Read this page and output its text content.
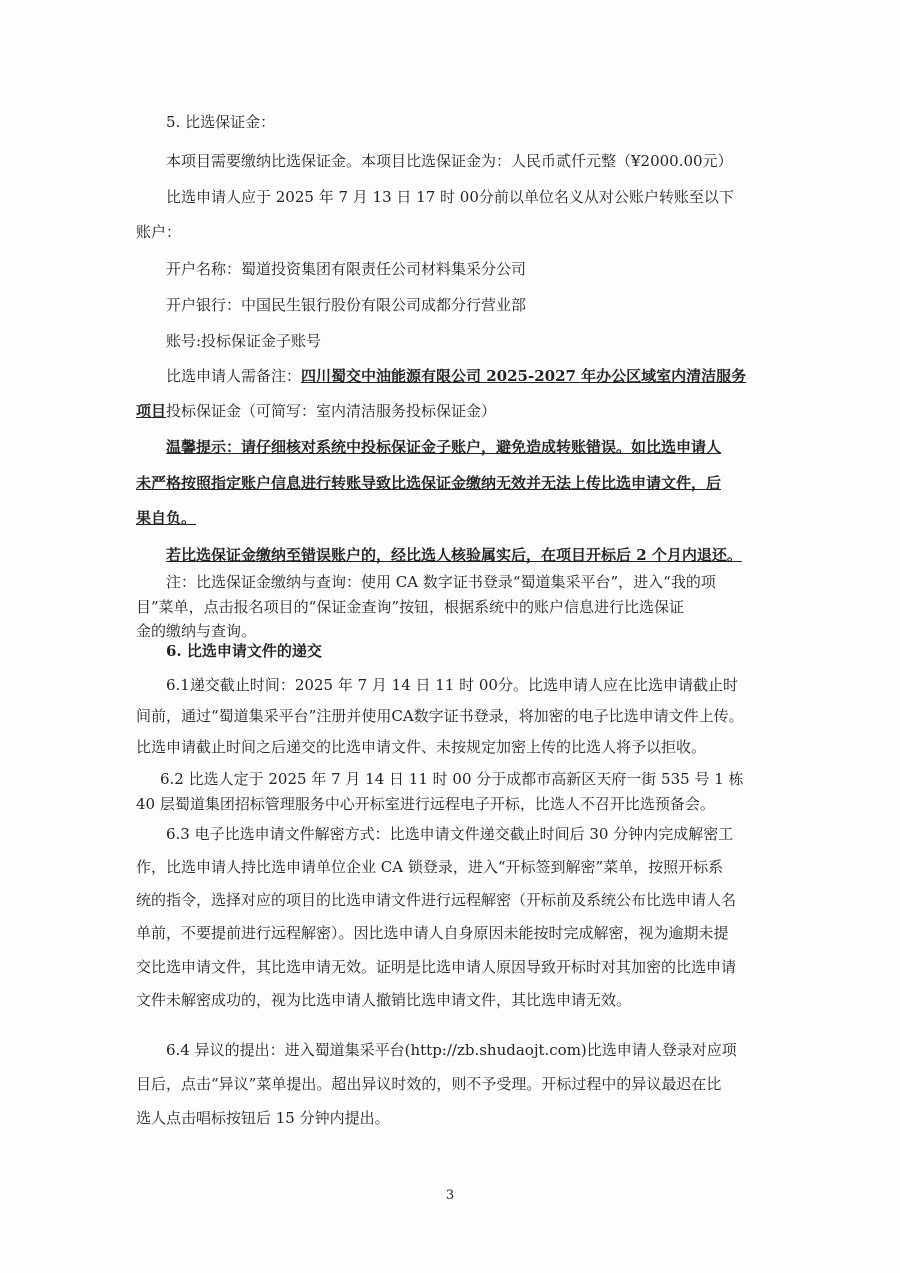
5. 比选保证金：
本项目需要缴纳比选保证金。本项目比选保证金为：人民币贰仟元整（¥2000.00元）
比选申请人应于 2025 年 7 月 13 日 17 时 00分前以单位名义从对公账户转账至以下
账户：
开户名称：蜀道投资集团有限责任公司材料集采分公司
开户银行：中国民生银行股份有限公司成都分行营业部
账号:投标保证金子账号
比选申请人需备注：四川蜀交中油能源有限公司 2025-2027 年办公区域室内清洁服务
项目投标保证金（可简写：室内清洁服务投标保证金）
温馨提示：请仔细核对系统中投标保证金子账户，避免造成转账错误。如比选申请人
未严格按照指定账户信息进行转账导致比选保证金缴纳无效并无法上传比选申请文件，后
果自负。
若比选保证金缴纳至错误账户的，经比选人核验属实后，在项目开标后 2 个月内退还。
注：比选保证金缴纳与查询：使用 CA 数字证书登录“蜀道集采平台”，进入“我的项
目”菜单，点击报名项目的“保证金查询”按钮，根据系统中的账户信息进行比选保证
金的缴纳与查询。
6. 比选申请文件的递交
6.1递交截止时间：2025 年 7 月 14 日 11 时 00分。比选申请人应在比选申请截止时
间前，通过“蜀道集采平台”注册并使用CA数字证书登录，将加密的电子比选申请文件上传。
比选申请截止时间之后递交的比选申请文件、未按规定加密上传的比选人将予以拒收。
6.2 比选人定于 2025 年 7 月 14 日 11 时 00 分于成都市高新区天府一街 535 号 1 栋
40 层蜀道集团招标管理服务中心开标室进行远程电子开标，比选人不召开比选预备会。
6.3 电子比选申请文件解密方式：比选申请文件递交截止时间后 30 分钟内完成解密工
作，比选申请人持比选申请单位企业 CA 锁登录，进入“开标签到解密”菜单，按照开标系
统的指令，选择对应的项目的比选申请文件进行远程解密（开标前及系统公布比选申请人名
单前，不要提前进行远程解密）。因比选申请人自身原因未能按时完成解密，视为逾期未提
交比选申请文件，其比选申请无效。证明是比选申请人原因导致开标时对其加密的比选申请
文件未解密成功的，视为比选申请人撤销比选申请文件，其比选申请无效。
6.4 异议的提出：进入蜀道集采平台(http://zb.shudaojt.com)比选申请人登录对应项
目后，点击“异议”菜单提出。超出异议时效的，则不予受理。开标过程中的异议最迟在比
选人点击唱标按钮后 15 分钟内提出。
3
